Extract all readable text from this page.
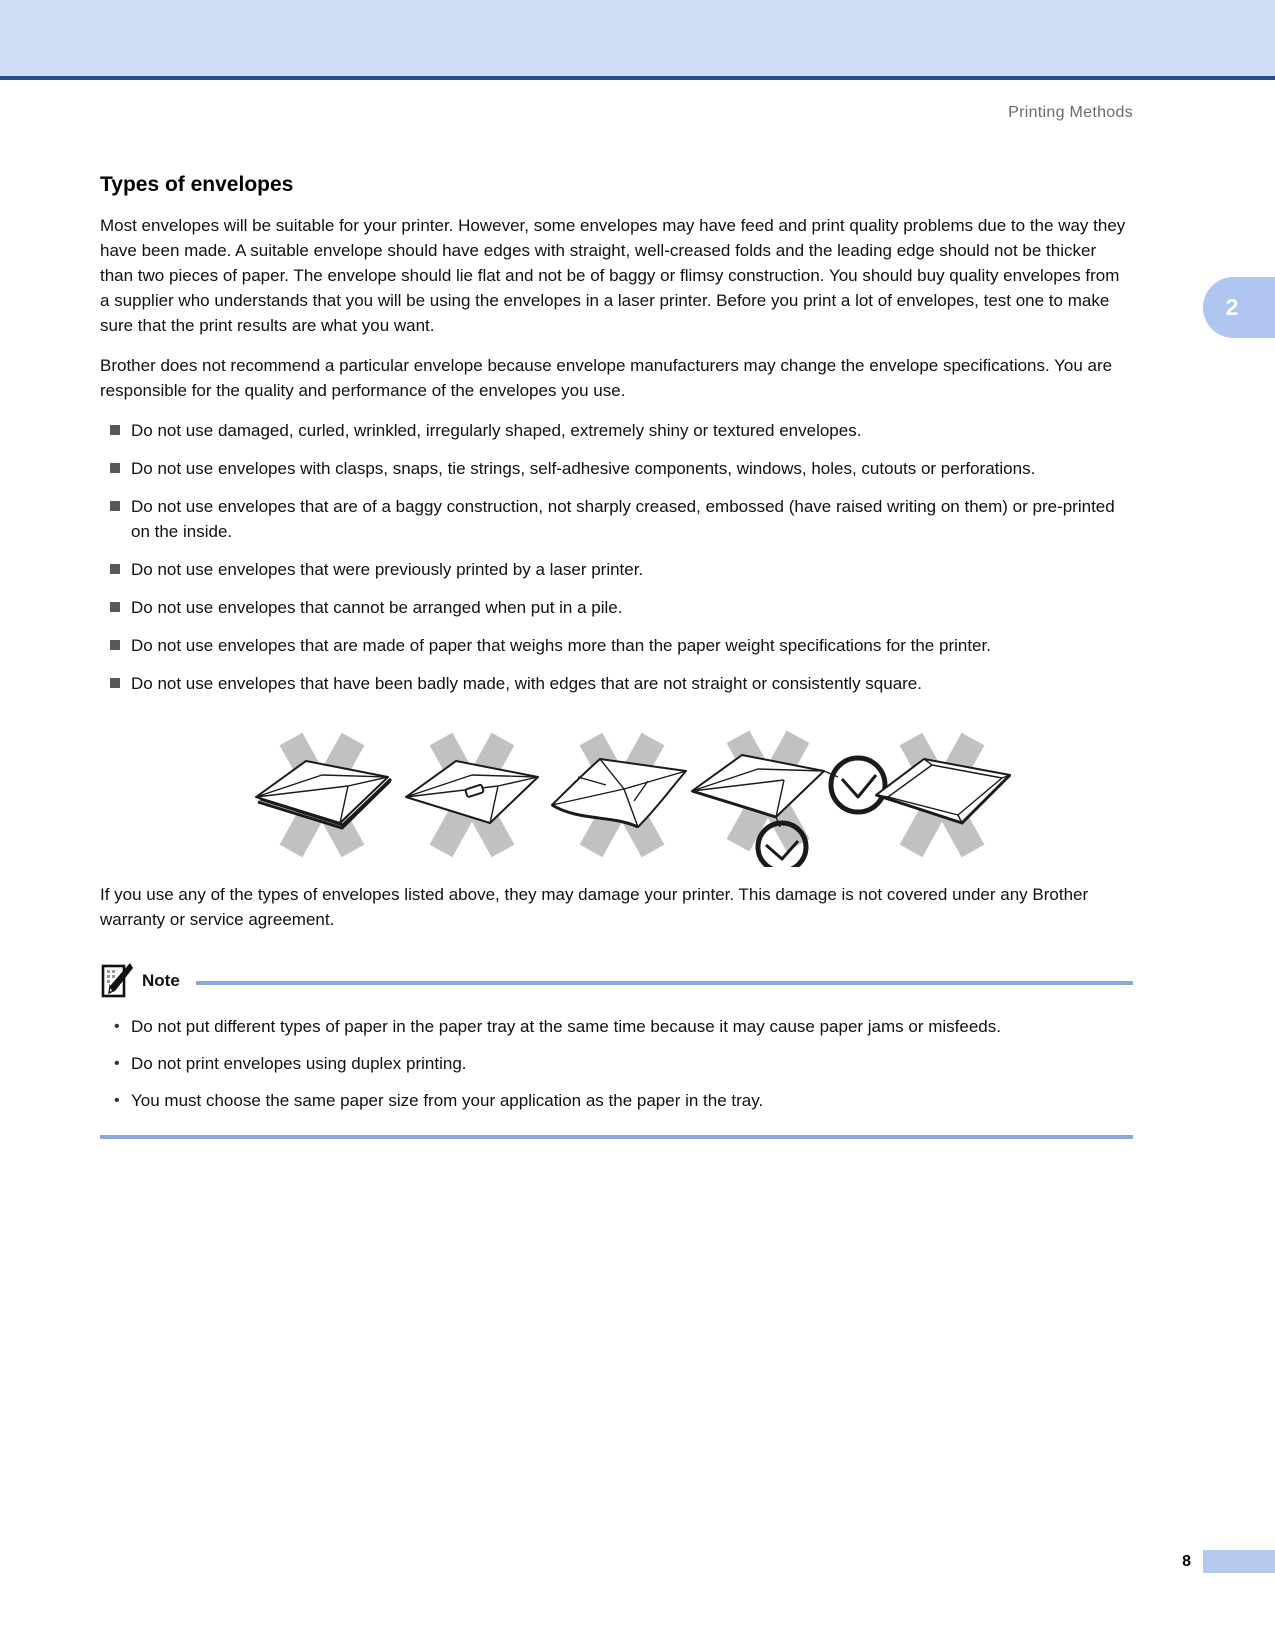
Printing Methods
2
Types of envelopes

Most envelopes will be suitable for your printer. However, some envelopes may have feed and print quality problems due to the way they have been made. A suitable envelope should have edges with straight, well-creased folds and the leading edge should not be thicker than two pieces of paper. The envelope should lie flat and not be of baggy or flimsy construction. You should buy quality envelopes from a supplier who understands that you will be using the envelopes in a laser printer. Before you print a lot of envelopes, test one to make sure that the print results are what you want.

Brother does not recommend a particular envelope because envelope manufacturers may change the envelope specifications. You are responsible for the quality and performance of the envelopes you use.

Do not use damaged, curled, wrinkled, irregularly shaped, extremely shiny or textured envelopes.
Do not use envelopes with clasps, snaps, tie strings, self-adhesive components, windows, holes, cutouts or perforations.
Do not use envelopes that are of a baggy construction, not sharply creased, embossed (have raised writing on them) or pre-printed on the inside.
Do not use envelopes that were previously printed by a laser printer.
Do not use envelopes that cannot be arranged when put in a pile.
Do not use envelopes that are made of paper that weighs more than the paper weight specifications for the printer.
Do not use envelopes that have been badly made, with edges that are not straight or consistently square.

If you use any of the types of envelopes listed above, they may damage your printer. This damage is not covered under any Brother warranty or service agreement.

Note
• Do not put different types of paper in the paper tray at the same time because it may cause paper jams or misfeeds.
• Do not print envelopes using duplex printing.
• You must choose the same paper size from your application as the paper in the tray.
8
